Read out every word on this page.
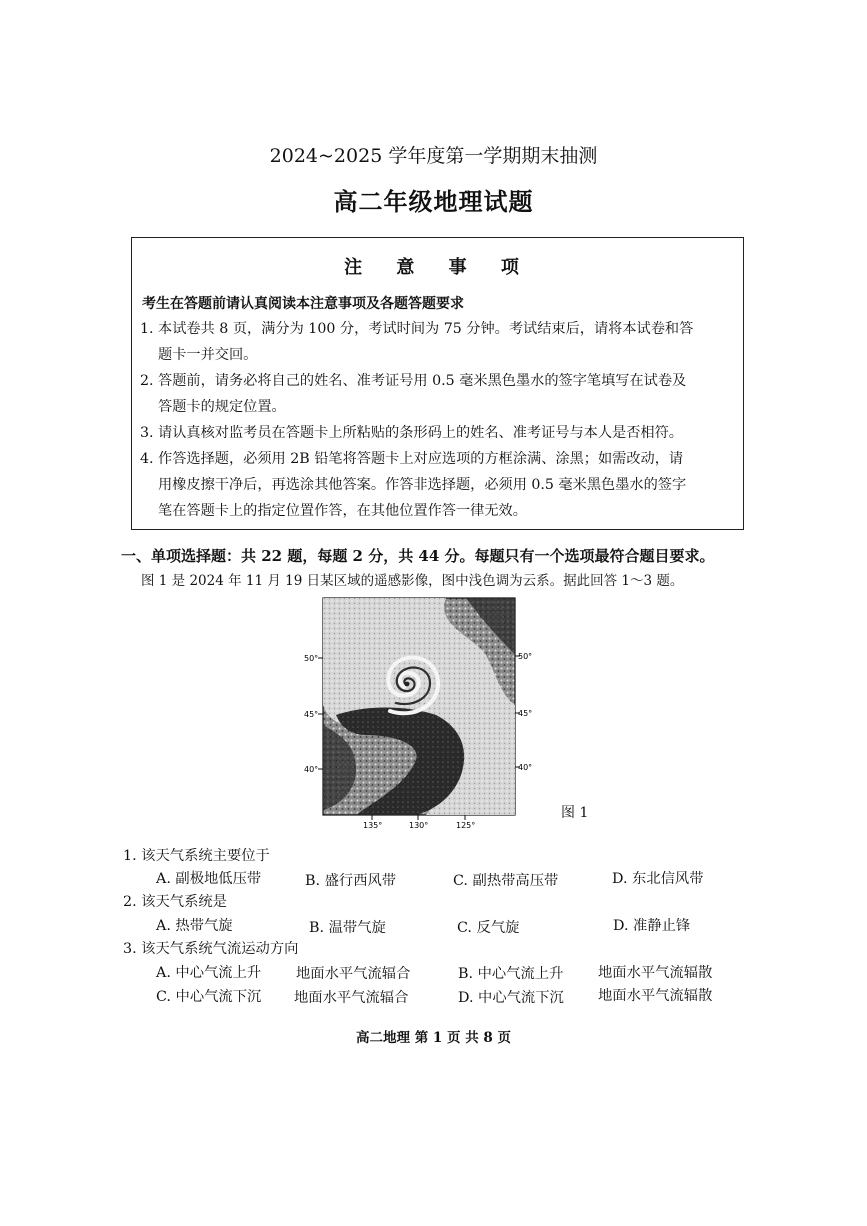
2024~2025 学年度第一学期期末抽测
高二年级地理试题
注 意 事 项
考生在答题前请认真阅读本注意事项及各题答题要求
1. 本试卷共 8 页，满分为 100 分，考试时间为 75 分钟。考试结束后，请将本试卷和答
题卡一并交回。
2. 答题前，请务必将自己的姓名、准考证号用 0.5 毫米黑色墨水的签字笔填写在试卷及
答题卡的规定位置。
3. 请认真核对监考员在答题卡上所粘贴的条形码上的姓名、准考证号与本人是否相符。
4. 作答选择题，必须用 2B 铅笔将答题卡上对应选项的方框涂满、涂黑；如需改动，请
用橡皮擦干净后，再选涂其他答案。作答非选择题，必须用 0.5 毫米黑色墨水的签字
笔在答题卡上的指定位置作答，在其他位置作答一律无效。
一、单项选择题：共 22 题，每题 2 分，共 44 分。每题只有一个选项最符合题目要求。
图 1 是 2024 年 11 月 19 日某区域的遥感影像，图中浅色调为云系。据此回答 1～3 题。
50°
45°
40°
50°
45°
40°
135°	130°	125°
图 1
1. 该天气系统主要位于
A. 副极地低压带	B. 盛行西风带	C. 副热带高压带	D. 东北信风带
2. 该天气系统是
A. 热带气旋	B. 温带气旋	C. 反气旋	D. 准静止锋
3. 该天气系统气流运动方向
A. 中心气流上升 地面水平气流辐合	B. 中心气流上升 地面水平气流辐散
C. 中心气流下沉 地面水平气流辐合	D. 中心气流下沉 地面水平气流辐散
高二地理 第 1 页 共 8 页
